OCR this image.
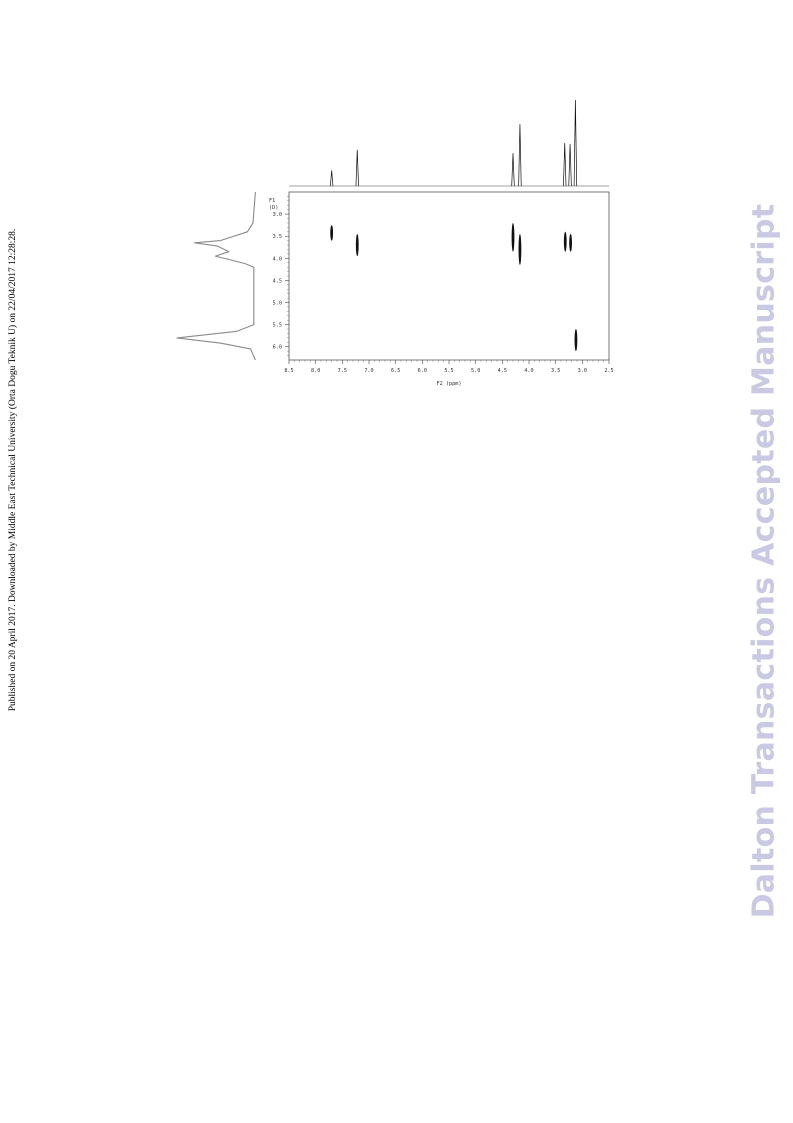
Published on 20 April 2017. Downloaded by Middle East Technical University (Orta Dogu Teknik U) on 22/04/2017 12:28:28.	Dalton Transactions Accepted Manuscript
8.5	8.0	7.5	7.0	6.5	6.0	5.5	5.0	4.5	4.0	3.5	3.0	2.5
3.0
3.5
4.0
4.5
5.0
5.5
6.0
F2 (ppm)
F1
(D)
